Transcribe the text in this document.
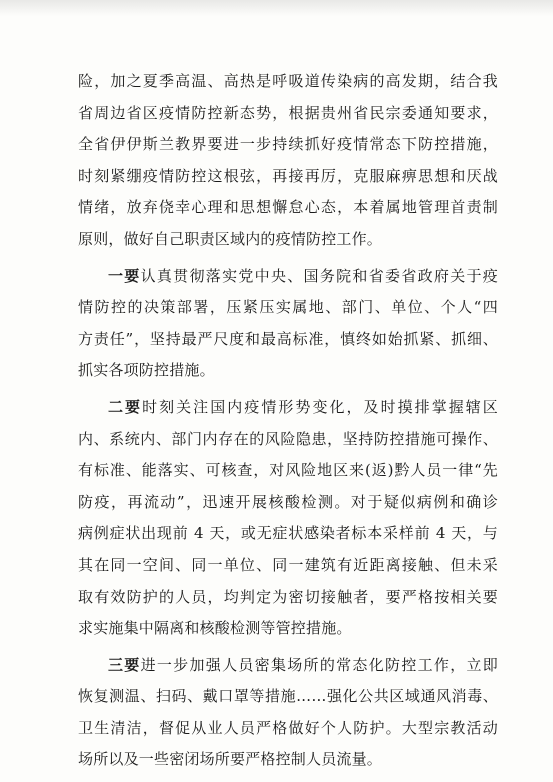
险，加之夏季高温、高热是呼吸道传染病的高发期，结合我
省周边省区疫情防控新态势，根据贵州省民宗委通知要求，
全省伊伊斯兰教界要进一步持续抓好疫情常态下防控措施，
时刻紧绷疫情防控这根弦，再接再厉，克服麻痹思想和厌战
情绪，放弃侥幸心理和思想懈怠心态，本着属地管理首责制
原则，做好自己职责区域内的疫情防控工作。
一要认真贯彻落实党中央、国务院和省委省政府关于疫
情防控的决策部署，压紧压实属地、部门、单位、个人“四
方责任”，坚持最严尺度和最高标准，慎终如始抓紧、抓细、
抓实各项防控措施。
二要时刻关注国内疫情形势变化，及时摸排掌握辖区
内、系统内、部门内存在的风险隐患，坚持防控措施可操作、
有标准、能落实、可核查，对风险地区来(返)黔人员一律“先
防疫，再流动”，迅速开展核酸检测。对于疑似病例和确诊
病例症状出现前 4 天，或无症状感染者标本采样前 4 天，与
其在同一空间、同一单位、同一建筑有近距离接触、但未采
取有效防护的人员，均判定为密切接触者，要严格按相关要
求实施集中隔离和核酸检测等管控措施。
三要进一步加强人员密集场所的常态化防控工作，立即
恢复测温、扫码、戴口罩等措施……强化公共区域通风消毒、
卫生清洁，督促从业人员严格做好个人防护。大型宗教活动
场所以及一些密闭场所要严格控制人员流量。
